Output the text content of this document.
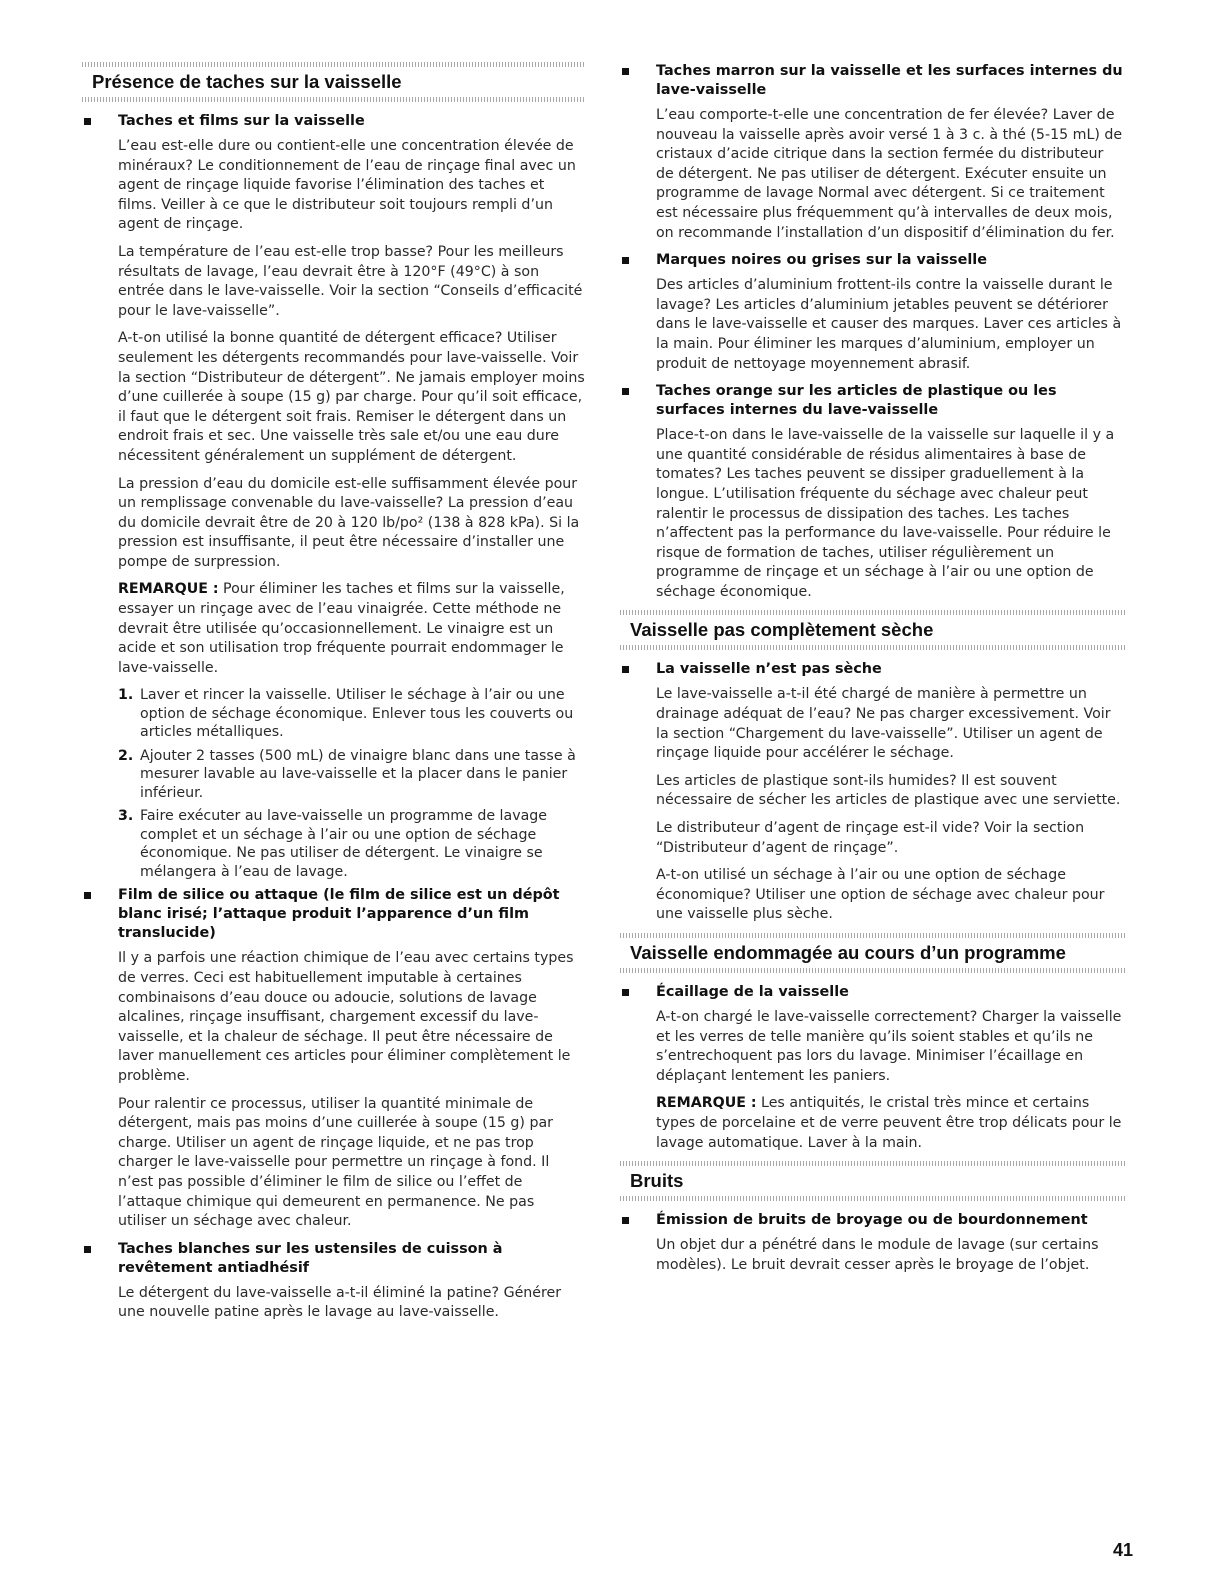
Présence de taches sur la vaisselle
Taches et films sur la vaisselle

L’eau est-elle dure ou contient-elle une concentration élevée de minéraux? Le conditionnement de l’eau de rinçage final avec un agent de rinçage liquide favorise l’élimination des taches et films. Veiller à ce que le distributeur soit toujours rempli d’un agent de rinçage.

La température de l’eau est-elle trop basse? Pour les meilleurs résultats de lavage, l’eau devrait être à 120°F (49°C) à son entrée dans le lave-vaisselle. Voir la section “Conseils d’efficacité pour le lave-vaisselle”.

A-t-on utilisé la bonne quantité de détergent efficace? Utiliser seulement les détergents recommandés pour lave-vaisselle. Voir la section “Distributeur de détergent”. Ne jamais employer moins d’une cuillerée à soupe (15 g) par charge. Pour qu’il soit efficace, il faut que le détergent soit frais. Remiser le détergent dans un endroit frais et sec. Une vaisselle très sale et/ou une eau dure nécessitent généralement un supplément de détergent.

La pression d’eau du domicile est-elle suffisamment élevée pour un remplissage convenable du lave-vaisselle? La pression d’eau du domicile devrait être de 20 à 120 lb/po² (138 à 828 kPa). Si la pression est insuffisante, il peut être nécessaire d’installer une pompe de surpression.

REMARQUE : Pour éliminer les taches et films sur la vaisselle, essayer un rinçage avec de l’eau vinaigrée. Cette méthode ne devrait être utilisée qu’occasionnellement. Le vinaigre est un acide et son utilisation trop fréquente pourrait endommager le lave-vaisselle.

1. Laver et rincer la vaisselle. Utiliser le séchage à l’air ou une option de séchage économique. Enlever tous les couverts ou articles métalliques.
2. Ajouter 2 tasses (500 mL) de vinaigre blanc dans une tasse à mesurer lavable au lave-vaisselle et la placer dans le panier inférieur.
3. Faire exécuter au lave-vaisselle un programme de lavage complet et un séchage à l’air ou une option de séchage économique. Ne pas utiliser de détergent. Le vinaigre se mélangera à l’eau de lavage.
Film de silice ou attaque (le film de silice est un dépôt blanc irisé; l’attaque produit l’apparence d’un film translucide)

Il y a parfois une réaction chimique de l’eau avec certains types de verres. Ceci est habituellement imputable à certaines combinaisons d’eau douce ou adoucie, solutions de lavage alcalines, rinçage insuffisant, chargement excessif du lave-vaisselle, et la chaleur de séchage. Il peut être nécessaire de laver manuellement ces articles pour éliminer complètement le problème.

Pour ralentir ce processus, utiliser la quantité minimale de détergent, mais pas moins d’une cuillerée à soupe (15 g) par charge. Utiliser un agent de rinçage liquide, et ne pas trop charger le lave-vaisselle pour permettre un rinçage à fond. Il n’est pas possible d’éliminer le film de silice ou l’effet de l’attaque chimique qui demeurent en permanence. Ne pas utiliser un séchage avec chaleur.

Taches blanches sur les ustensiles de cuisson à revêtement antiadhésif

Le détergent du lave-vaisselle a-t-il éliminé la patine? Générer une nouvelle patine après le lavage au lave-vaisselle.

Taches marron sur la vaisselle et les surfaces internes du lave-vaisselle

L’eau comporte-t-elle une concentration de fer élevée? Laver de nouveau la vaisselle après avoir versé 1 à 3 c. à thé (5-15 mL) de cristaux d’acide citrique dans la section fermée du distributeur de détergent. Ne pas utiliser de détergent. Exécuter ensuite un programme de lavage Normal avec détergent. Si ce traitement est nécessaire plus fréquemment qu’à intervalles de deux mois, on recommande l’installation d’un dispositif d’élimination du fer.

Marques noires ou grises sur la vaisselle

Des articles d’aluminium frottent-ils contre la vaisselle durant le lavage? Les articles d’aluminium jetables peuvent se détériorer dans le lave-vaisselle et causer des marques. Laver ces articles à la main. Pour éliminer les marques d’aluminium, employer un produit de nettoyage moyennement abrasif.

Taches orange sur les articles de plastique ou les surfaces internes du lave-vaisselle

Place-t-on dans le lave-vaisselle de la vaisselle sur laquelle il y a une quantité considérable de résidus alimentaires à base de tomates? Les taches peuvent se dissiper graduellement à la longue. L’utilisation fréquente du séchage avec chaleur peut ralentir le processus de dissipation des taches. Les taches n’affectent pas la performance du lave-vaisselle. Pour réduire le risque de formation de taches, utiliser régulièrement un programme de rinçage et un séchage à l’air ou une option de séchage économique.

Vaisselle pas complètement sèche
La vaisselle n’est pas sèche

Le lave-vaisselle a-t-il été chargé de manière à permettre un drainage adéquat de l’eau? Ne pas charger excessivement. Voir la section “Chargement du lave-vaisselle”. Utiliser un agent de rinçage liquide pour accélérer le séchage.

Les articles de plastique sont-ils humides? Il est souvent nécessaire de sécher les articles de plastique avec une serviette.

Le distributeur d’agent de rinçage est-il vide? Voir la section “Distributeur d’agent de rinçage”.

A-t-on utilisé un séchage à l’air ou une option de séchage économique? Utiliser une option de séchage avec chaleur pour une vaisselle plus sèche.

Vaisselle endommagée au cours d’un programme
Écaillage de la vaisselle

A-t-on chargé le lave-vaisselle correctement? Charger la vaisselle et les verres de telle manière qu’ils soient stables et qu’ils ne s’entrechoquent pas lors du lavage. Minimiser l’écaillage en déplaçant lentement les paniers.

REMARQUE : Les antiquités, le cristal très mince et certains types de porcelaine et de verre peuvent être trop délicats pour le lavage automatique. Laver à la main.

Bruits
Émission de bruits de broyage ou de bourdonnement

Un objet dur a pénétré dans le module de lavage (sur certains modèles). Le bruit devrait cesser après le broyage de l’objet.

41
